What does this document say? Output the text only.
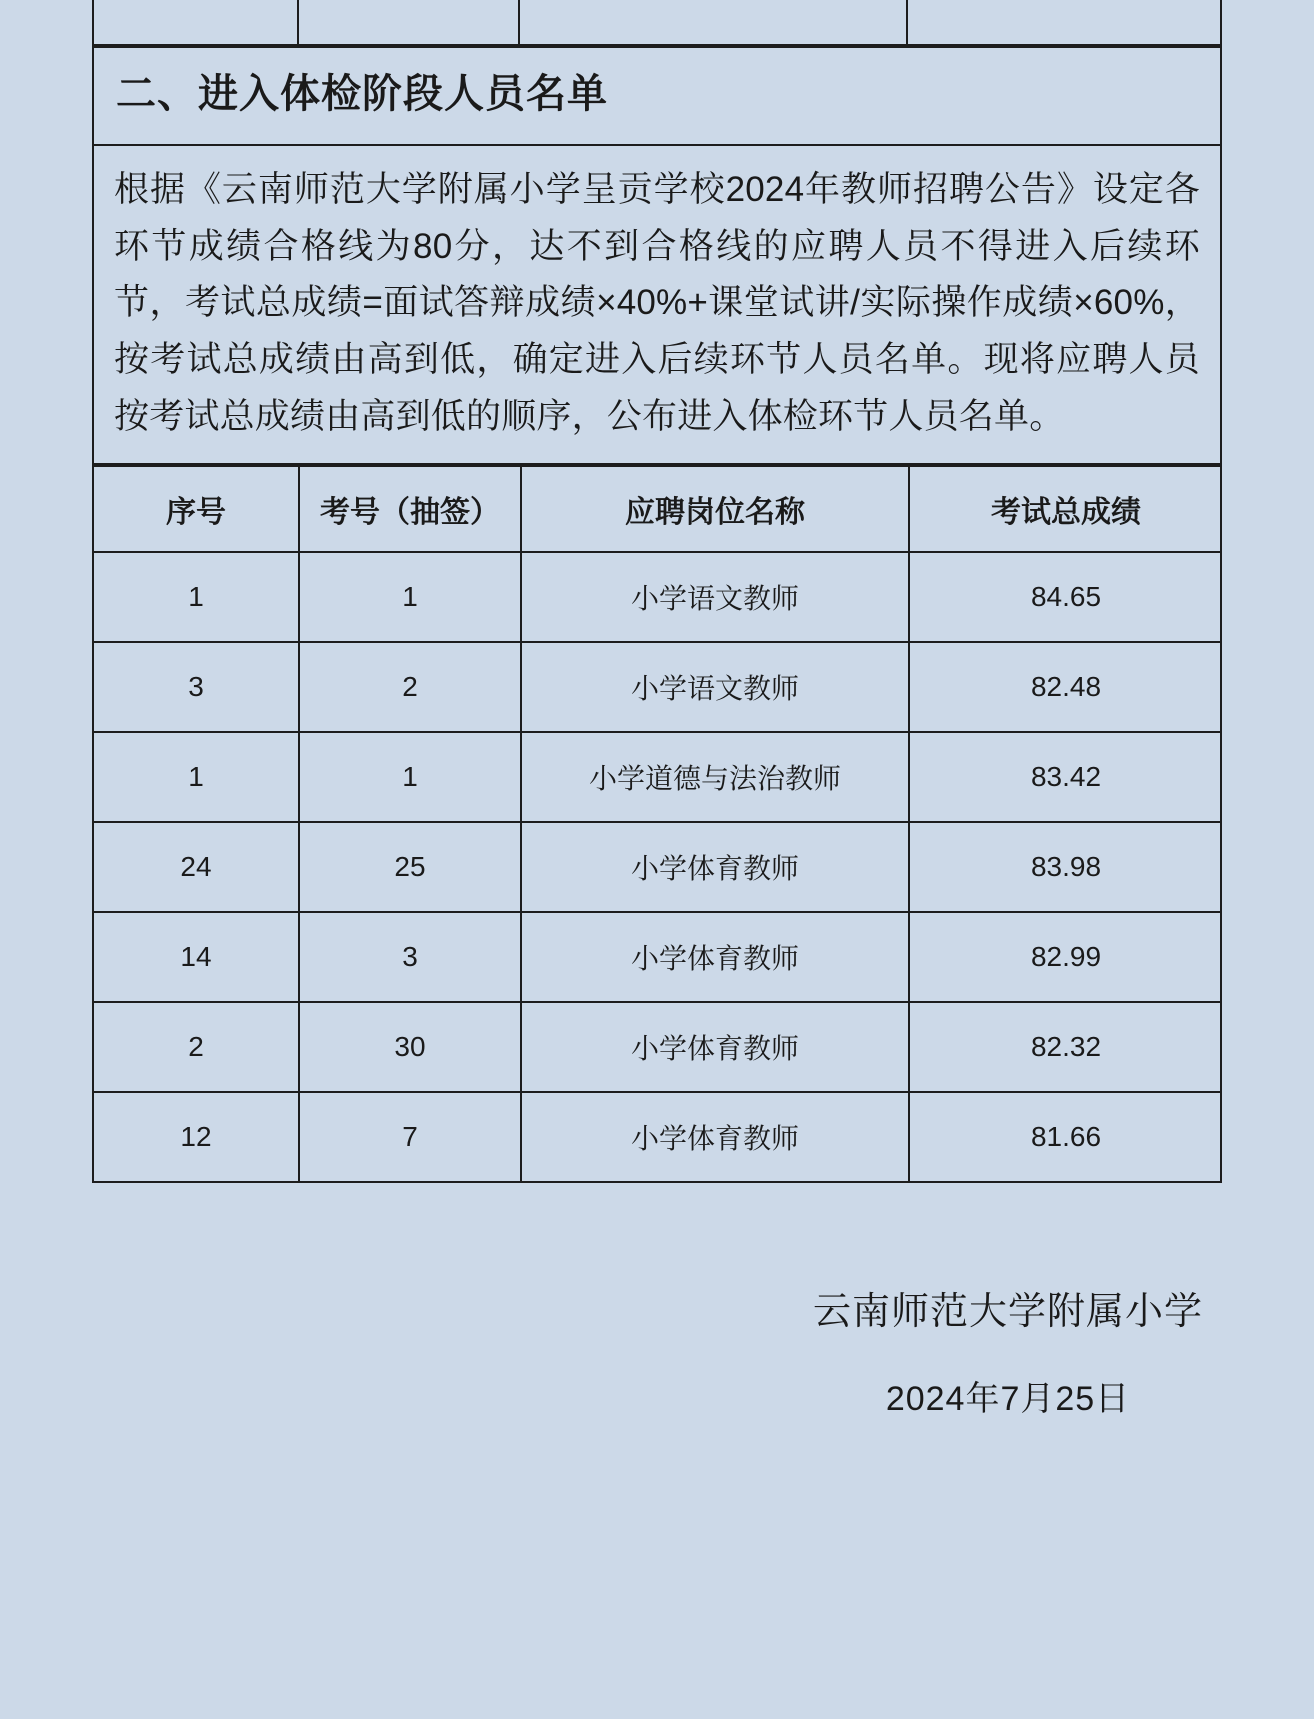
二、进入体检阶段人员名单
根据《云南师范大学附属小学呈贡学校2024年教师招聘公告》设定各环节成绩合格线为80分，达不到合格线的应聘人员不得进入后续环节，考试总成绩=面试答辩成绩×40%+课堂试讲/实际操作成绩×60%，按考试总成绩由高到低，确定进入后续环节人员名单。现将应聘人员按考试总成绩由高到低的顺序，公布进入体检环节人员名单。
序号	考号（抽签）	应聘岗位名称	考试总成绩
1	1	小学语文教师	84.65
3	2	小学语文教师	82.48
1	1	小学道德与法治教师	83.42
24	25	小学体育教师	83.98
14	3	小学体育教师	82.99
2	30	小学体育教师	82.32
12	7	小学体育教师	81.66
云南师范大学附属小学
2024年7月25日
